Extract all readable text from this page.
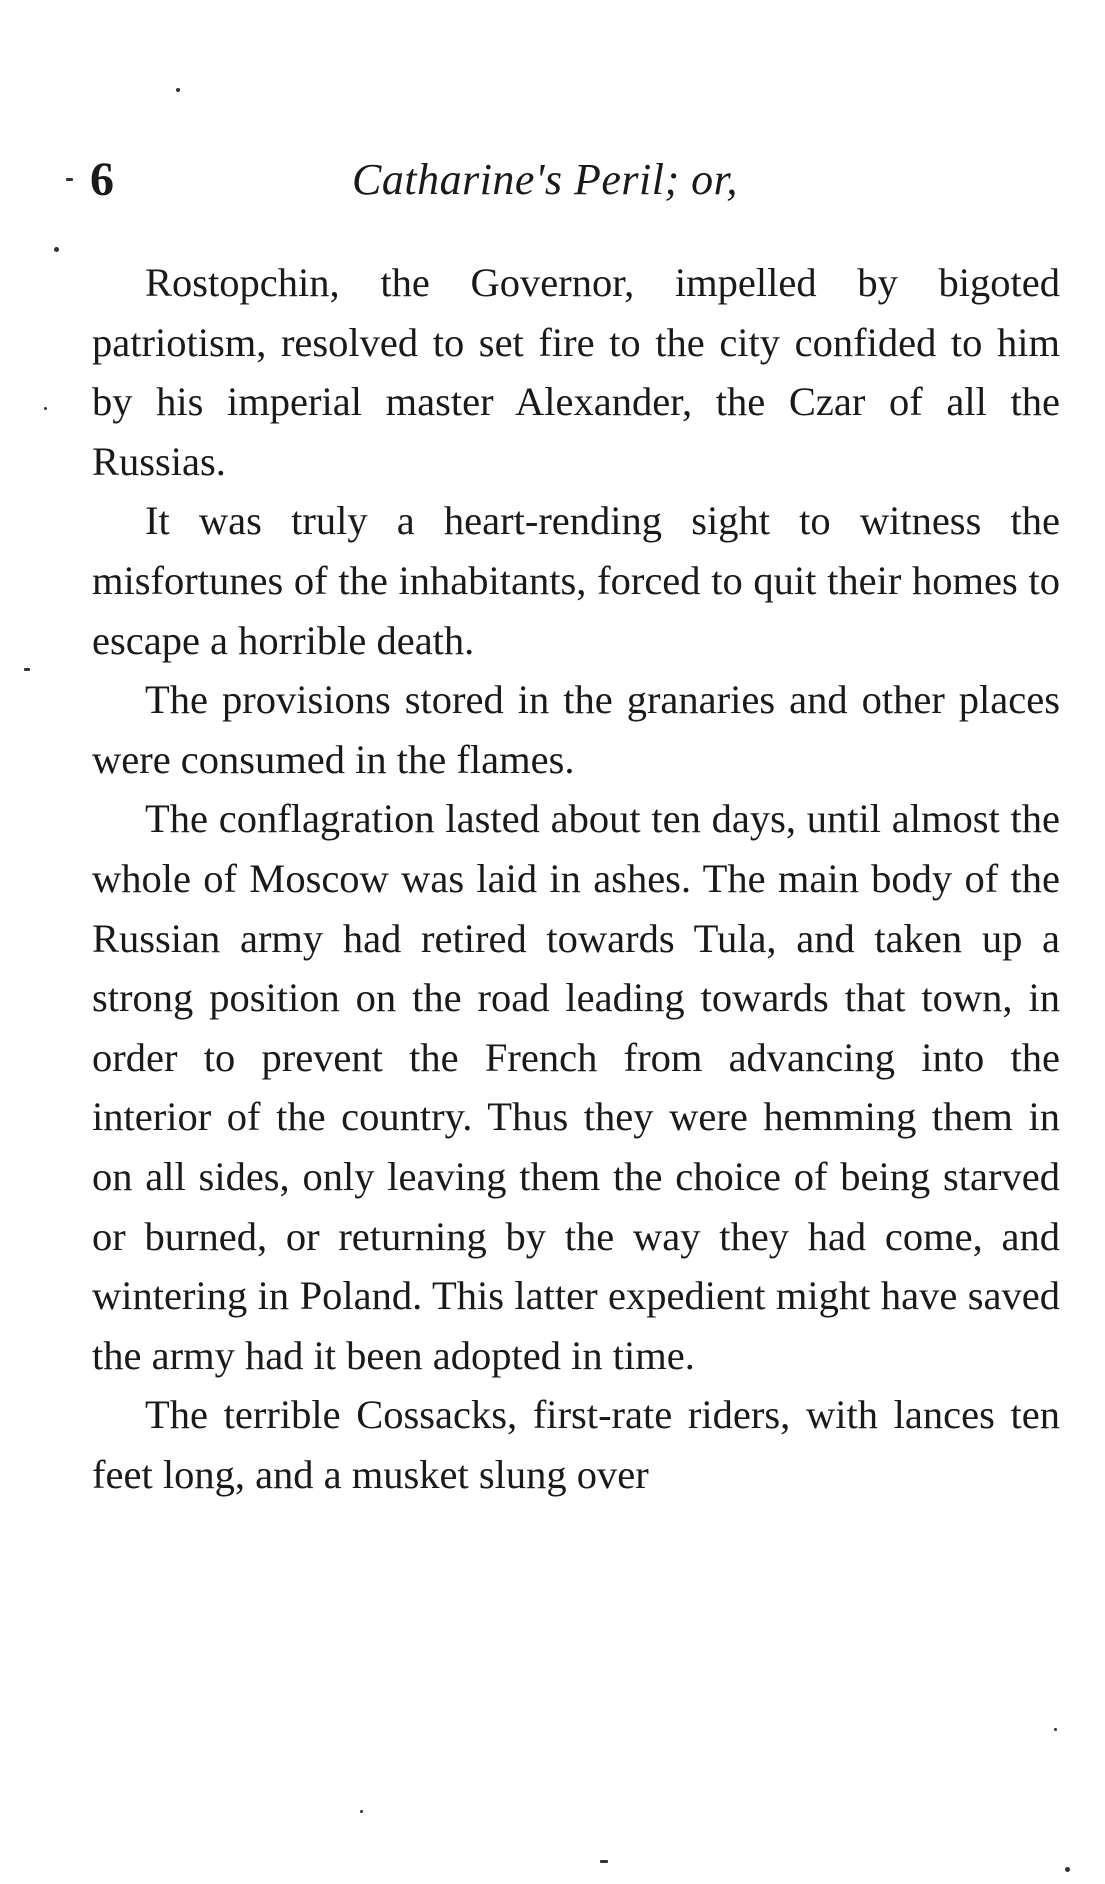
6	Catharine's Peril; or,

Rostopchin, the Governor, impelled by bigoted patriotism, resolved to set fire to the city confided to him by his imperial master Alexander, the Czar of all the Russias.

It was truly a heart-rending sight to witness the misfortunes of the inhabitants, forced to quit their homes to escape a horrible death.

The provisions stored in the granaries and other places were consumed in the flames.

The conflagration lasted about ten days, until almost the whole of Moscow was laid in ashes. The main body of the Russian army had retired towards Tula, and taken up a strong position on the road leading towards that town, in order to prevent the French from advancing into the interior of the country. Thus they were hemming them in on all sides, only leaving them the choice of being starved or burned, or returning by the way they had come, and wintering in Poland. This latter expedient might have saved the army had it been adopted in time.

The terrible Cossacks, first-rate riders, with lances ten feet long, and a musket slung over
